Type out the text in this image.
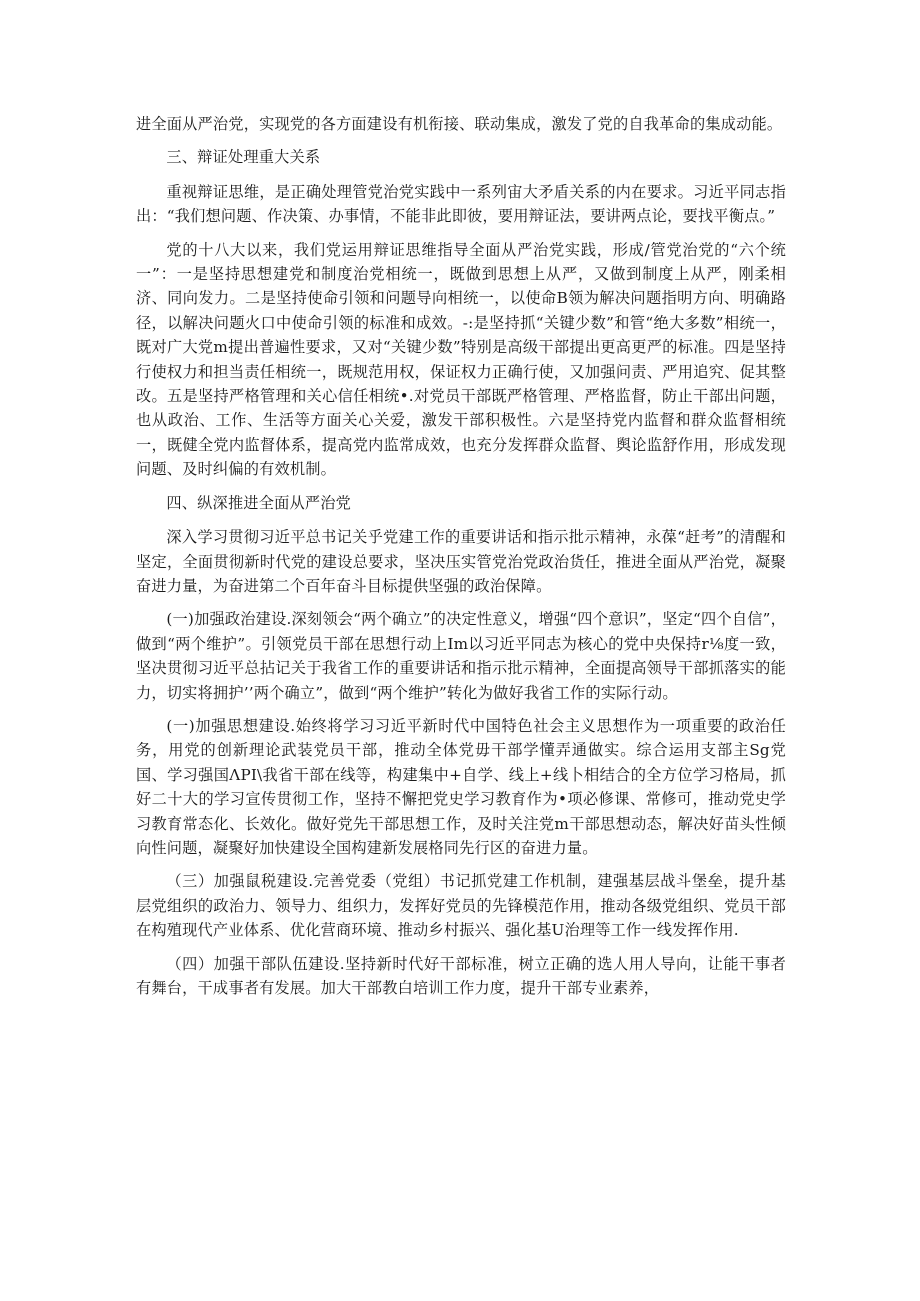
进全面从严治党，实现党的各方面建设有机衔接、联动集成，激发了党的自我革命的集成动能。

三、辩证处理重大关系

重视辩证思维，是正确处理管党治党实践中一系列宙大矛盾关系的内在要求。习近平同志指出：“我们想问题、作决策、办事情，不能非此即彼，要用辩证法，要讲两点论，要找平衡点。”

党的十八大以来，我们党运用辩证思维指导全面从严治党实践，形成/管党治党的“六个统一”：一是坚持思想建党和制度治党相统一，既做到思想上从严，又做到制度上从严，刚柔相济、同向发力。二是坚持使命引领和问题导向相统一，以使命B领为解决问题指明方向、明确路径，以解决问题火口中使命引领的标准和成效。-:是坚持抓“关键少数”和管“绝大多数”相统一，既对广大党m提出普遍性要求，又对“关键少数”特别是高级干部提出更高更严的标准。四是坚持行使权力和担当责任相统一，既规范用权，保证权力正确行使，又加强问责、严用追究、促其整改。五是坚持严格管理和关心信任相统•.对党员干部既严格管理、严格监督，防止干部出问题，也从政治、工作、生活等方面关心关爱，激发干部积极性。六是坚持党内监督和群众监督相统一，既健全党内监督体系，提高党内监常成效，也充分发挥群众监督、舆论监舒作用，形成发现问题、及时纠偏的有效机制。

四、纵深推进全面从严治党

深入学习贯彻习近平总书记关乎党建工作的重要讲话和指示批示精神，永葆“赶考”的清醒和坚定，全面贯彻新时代党的建设总要求，坚决压实管党治党政治货任，推进全面从严治党，凝聚奋进力量，为奋进第二个百年奋斗目标提供坚强的政治保障。

(一)加强政治建设.深刻领会“两个确立”的决定性意义，增强“四个意识”，坚定“四个自信”，做到“两个维护”。引领党员干部在思想行动上Im以习近平同志为核心的党中央保持r⅛度一致，坚决贯彻习近平总拈记关于我省工作的重要讲话和指示批示精神，全面提高领导干部抓落实的能力，切实将拥护’’两个确立”，做到“两个维护”转化为做好我省工作的实际行动。

(一)加强思想建设.始终将学习习近平新时代中国特色社会主义思想作为一项重要的政治任务，用党的创新理论武装党员干部，推动全体党毋干部学懂弄通做实。综合运用支部主Sg党国、学习强国ΛPI\我省干部在线等，构建集中+自学、线上+线卜相结合的全方位学习格局，抓好二十大的学习宣传贯彻工作，坚持不懈把党史学习教育作为•项必修课、常修可，推动党史学习教育常态化、长效化。做好党先干部思想工作，及时关注党m干部思想动态，解决好苗头性倾向性问题，凝聚好加快建设全国构建新发展格同先行区的奋进力量。

（三）加强鼠税建设.完善党委（党组）书记抓党建工作机制，建强基层战斗堡垒，提升基层党组织的政治力、领导力、组织力，发挥好党员的先锋模范作用，推动各级党组织、党员干部在构殖现代产业体系、优化营商环境、推动乡村振兴、强化基U治理等工作一线发挥作用.

（四）加强干部队伍建设.坚持新时代好干部标准，树立正确的选人用人导向，让能干事者有舞台，干成事者有发展。加大干部教白培训工作力度，提升干部专业素养，
